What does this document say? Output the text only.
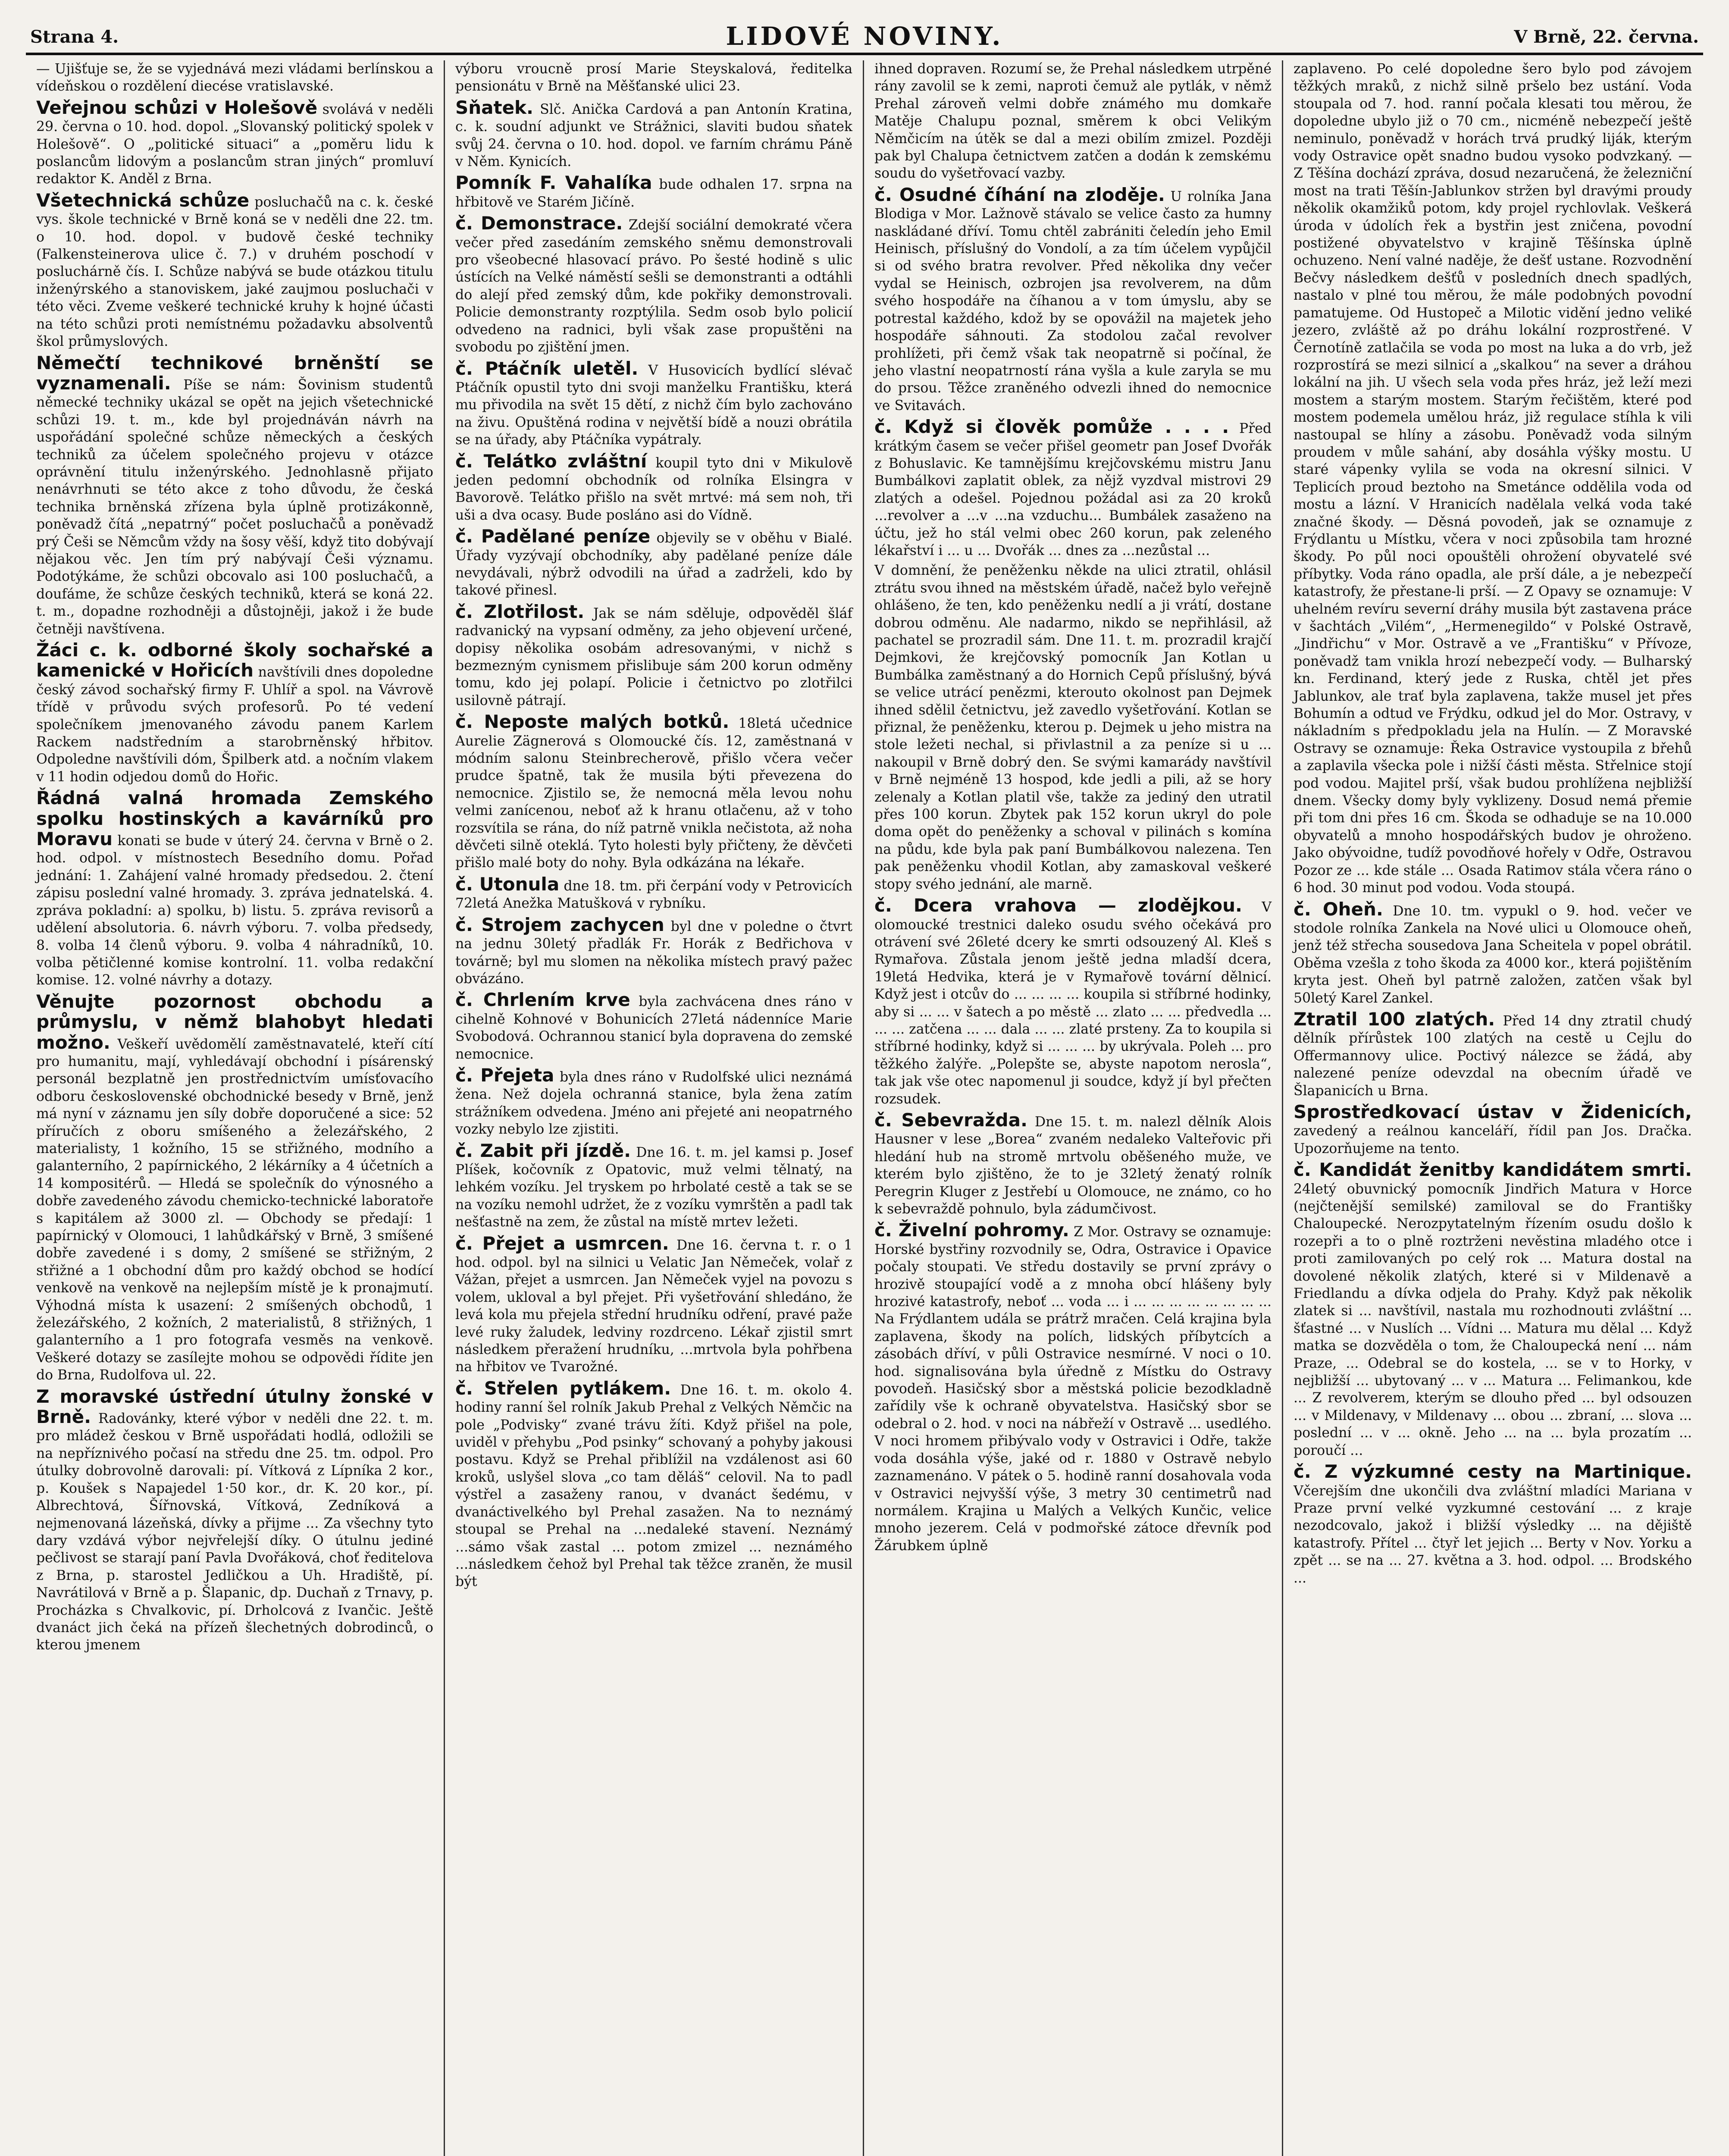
Strana 4.	LIDOVÉ NOVINY.	V Brně, 22. června.

— Ujišťuje se, že se vyjednává mezi vládami berlínskou a vídeňskou o rozdělení diecése vratislavské.

Veřejnou schůzi v Holešově svolává v neděli 29. června o 10. hod. dopol. „Slovanský politický spolek v Holešově“. O „politické situaci“ a „poměru lidu k poslancům lidovým a poslancům stran jiných“ promluví redaktor K. Anděl z Brna.

Všetechnická schůze posluchačů na c. k. české vys. škole technické v Brně koná se v neděli dne 22. tm. o 10. hod. dopol. v budově české techniky (Falkensteinerova ulice č. 7.) v druhém poschodí v posluchárně čís. I. Schůze nabývá se bude otázkou titulu inženýrského a stanoviskem, jaké zaujmou posluchači v této věci. Zveme veškeré technické kruhy k hojné účasti na této schůzi proti nemístnému požadavku absolventů škol průmyslových.

Němečtí technikové brněnští se vyznamenali. Píše se nám: Šovinism studentů německé techniky ukázal se opět na jejich všetechnické schůzi 19. t. m., kde byl projednáván návrh na uspořádání společné schůze německých a českých techniků za účelem společného projevu v otázce oprávnění titulu inženýrského. Jednohlasně přijato nenávrhnuti se této akce z toho důvodu, že česká technika brněnská zřízena byla úplně protizákonně, poněvadž čítá „nepatrný“ počet posluchačů a poněvadž prý Češi se Němcům vždy na šosy věší, když tito dobývají nějakou věc. Jen tím prý nabývají Češi významu. Podotýkáme, že schůzi obcovalo asi 100 posluchačů, a doufáme, že schůze českých techniků, která se koná 22. t. m., dopadne rozhodněji a důstojněji, jakož i že bude četněji navštívena.

Žáci c. k. odborné školy sochařské a kamenické v Hořicích navštívili dnes dopoledne český závod sochařský firmy F. Uhlíř a spol. na Vávrově třídě v průvodu svých profesorů. Po té vedení společníkem jmenovaného závodu panem Karlem Rackem nadstředním a starobrněnský hřbitov. Odpoledne navštívili dóm, Špilberk atd. a nočním vlakem v 11 hodin odjedou domů do Hořic.

Řádná valná hromada Zemského spolku hostinských a kavárníků pro Moravu konati se bude v úterý 24. června v Brně o 2. hod. odpol. v místnostech Besedního domu. Pořad jednání: 1. Zahájení valné hromady předsedou. 2. čtení zápisu poslední valné hromady. 3. zpráva jednatelská. 4. zpráva pokladní: a) spolku, b) listu. 5. zpráva revisorů a udělení absolutoria. 6. návrh výboru. 7. volba předsedy, 8. volba 14 členů výboru. 9. volba 4 náhradníků, 10. volba pětičlenné komise kontrolní. 11. volba redakční komise. 12. volné návrhy a dotazy.

Věnujte pozornost obchodu a průmyslu, v němž blahobyt hledati možno. Veškeří uvědomělí zaměstnavatelé, kteří cítí pro humanitu, mají, vyhledávají obchodní i písárenský personál bezplatně jen prostřednictvím umísťovacího odboru československé obchodnické besedy v Brně, jenž má nyní v záznamu jen síly dobře doporučené a sice: 52 příručích z oboru smíšeného a železářského, 2 materialisty, 1 kožního, 15 se střižného, modního a galanterního, 2 papírnického, 2 lékárníky a 4 účetních a 14 kompositérů. — Hledá se společník do výnosného a dobře zavedeného závodu chemicko-technické laboratoře s kapitálem až 3000 zl. — Obchody se předají: 1 papírnický v Olomouci, 1 lahůdkářský v Brně, 3 smíšené dobře zavedené i s domy, 2 smíšené se střižným, 2 střižné a 1 obchodní dům pro každý obchod se hodící venkově na venkově na nejlepším místě je k pronajmutí. Výhodná místa k usazení: 2 smíšených obchodů, 1 železářského, 2 kožních, 2 materialistů, 8 střižných, 1 galanterního a 1 pro fotografa vesměs na venkově. Veškeré dotazy se zasílejte mohou se odpovědi řídite jen do Brna, Rudolfova ul. 22.

Z moravské ústřední útulny žonské v Brně. Radovánky, které výbor v neděli dne 22. t. m. pro mládež českou v Brně uspořádati hodlá, odložili se na nepříznivého počasí na středu dne 25. tm. odpol. Pro útulky dobrovolně darovali: pí. Vítková z Lípníka 2 kor., p. Koušek s Napajedel 1·50 kor., dr. K. 20 kor., pí. Albrechtová, Šířnovská, Vítková, Zedníková a nejmenovaná lázeňská, dívky a přijme ... Za všechny tyto dary vzdává výbor nejvřelejší díky. O útulnu jediné pečlivost se starají paní Pavla Dvořáková, choť ředitelova z Brna, p. starostel Jedličkou a Uh. Hradiště, pí. Navrátilová v Brně a p. Šlapanic, dp. Duchaň z Trnavy, p. Procházka s Chvalkovic, pí. Drholcová z Ivančic. Ještě dvanáct jich čeká na přízeň šlechetných dobrodinců, o kterou jmenem

výboru vroucně prosí Marie Steyskalová, ředitelka pensionátu v Brně na Měšťanské ulici 23.

Sňatek. Slč. Anička Cardová a pan Antonín Kratina, c. k. soudní adjunkt ve Strážnici, slaviti budou sňatek svůj 24. června o 10. hod. dopol. ve farním chrámu Páně v Něm. Kynicích.

Pomník F. Vahalíka bude odhalen 17. srpna na hřbitově ve Starém Jičíně.

č. Demonstrace. Zdejší sociální demokraté včera večer před zasedáním zemského sněmu demonstrovali pro všeobecné hlasovací právo. Po šesté hodině s ulic ústících na Velké náměstí sešli se demonstranti a odtáhli do alejí před zemský dům, kde pokřiky demonstrovali. Policie demonstranty rozptýlila. Sedm osob bylo policií odvedeno na radnici, byli však zase propuštěni na svobodu po zjištění jmen.

č. Ptáčník uletěl. V Husovicích bydlící slévač Ptáčník opustil tyto dni svoji manželku Františku, která mu přivodila na svět 15 dětí, z nichž čím bylo zachováno na živu. Opuštěná rodina v největší bídě a nouzi obrátila se na úřady, aby Ptáčníka vypátraly.

č. Telátko zvláštní koupil tyto dni v Mikulově jeden pedomní obchodník od rolníka Elsingra v Bavorově. Telátko přišlo na svět mrtvé: má sem noh, tři uši a dva ocasy. Bude posláno asi do Vídně.

č. Padělané peníze objevily se v oběhu v Bialé. Úřady vyzývají obchodníky, aby padělané peníze dále nevydávali, nýbrž odvodili na úřad a zadrželi, kdo by takové přinesl.

č. Zlotřilost. Jak se nám sděluje, odpověděl šláf radvanický na vypsaní odměny, za jeho objevení určené, dopisy několika osobám adresovanými, v nichž s bezmezným cynismem přislibuje sám 200 korun odměny tomu, kdo jej polapí. Policie i četnictvo po zlotřilci usilovně pátrají.

č. Neposte malých botků. 18letá učednice Aurelie Zägnerová s Olomoucké čís. 12, zaměstnaná v módním salonu Steinbrecherově, přišlo včera večer prudce špatně, tak že musila býti převezena do nemocnice. Zjistilo se, že nemocná měla levou nohu velmi zanícenou, neboť až k hranu otlačenu, až v toho rozsvítila se rána, do níž patrně vnikla nečistota, až noha děvčeti silně oteklá. Tyto holesti byly přičteny, že děvčeti přišlo malé boty do nohy. Byla odkázána na lékaře.

č. Utonula dne 18. tm. při čerpání vody v Petrovicích 72letá Anežka Matušková v rybníku.

č. Strojem zachycen byl dne v poledne o čtvrt na jednu 30letý přadlák Fr. Horák z Bedřichova v továrně; byl mu slomen na několika místech pravý pažec obvázáno.

č. Chrlením krve byla zachvácena dnes ráno v cihelně Kohnové v Bohunicích 27letá nádenníce Marie Svobodová. Ochrannou stanicí byla dopravena do zemské nemocnice.

č. Přejeta byla dnes ráno v Rudolfské ulici neznámá žena. Než dojela ochranná stanice, byla žena zatím strážníkem odvedena. Jméno ani přejeté ani neopatrného vozky nebylo lze zjistiti.

č. Zabit při jízdě. Dne 16. t. m. jel kamsi p. Josef Plíšek, kočovník z Opatovic, muž velmi tělnatý, na lehkém vozíku. Jel tryskem po hrbolaté cestě a tak se se na vozíku nemohl udržet, že z vozíku vymrštěn a padl tak nešťastně na zem, že zůstal na místě mrtev ležeti.

č. Přejet a usmrcen. Dne 16. června t. r. o 1 hod. odpol. byl na silnici u Velatic Jan Němeček, volař z Vážan, přejet a usmrcen. Jan Němeček vyjel na povozu s volem, ukloval a byl přejet. Při vyšetřování shledáno, že levá kola mu přejela střední hrudníku odření, pravé paže levé ruky žaludek, ledviny rozdrceno. Lékař zjistil smrt následkem přeražení hrudníku, ...mrtvola byla pohřbena na hřbitov ve Tvarožné.

č. Střelen pytlákem. Dne 16. t. m. okolo 4. hodiny ranní šel rolník Jakub Prehal z Velkých Němčic na pole „Podvisky“ zvané trávu žíti. Když přišel na pole, uviděl v přehybu „Pod psinky“ schovaný a pohyby jakousi postavu. Když se Prehal přiblížil na vzdálenost asi 60 kroků, uslyšel slova „co tam děláš“ celovil. Na to padl výstřel a zasaženy ranou, v dvanáct šedému, v dvanáctivelkého byl Prehal zasažen. Na to neznámý stoupal se Prehal na ...nedaleké stavení. Neznámý ...sámo však zastal ... potom zmizel ... neznámého ...následkem čehož byl Prehal tak těžce zraněn, že musil být

ihned dopraven. Rozumí se, že Prehal následkem utrpěné rány zavolil se k zemi, naproti čemuž ale pytlák, v němž Prehal zároveň velmi dobře známého mu domkaře Matěje Chalupu poznal, směrem k obci Velikým Němčicím na útěk se dal a mezi obilím zmizel. Později pak byl Chalupa četnictvem zatčen a dodán k zemskému soudu do vyšetřovací vazby.

č. Osudné číhání na zloděje. U rolníka Jana Blodiga v Mor. Lažnově stávalo se velice často za humny naskládané dříví. Tomu chtěl zabrániti čeledín jeho Emil Heinisch, příslušný do Vondolí, a za tím účelem vypůjčil si od svého bratra revolver. Před několika dny večer vydal se Heinisch, ozbrojen jsa revolverem, na dům svého hospodáře na číhanou a v tom úmyslu, aby se potrestal každého, kdož by se opovážil na majetek jeho hospodáře sáhnouti. Za stodolou začal revolver prohlížeti, při čemž však tak neopatrně si počínal, že jeho vlastní neopatrností rána vyšla a kule zaryla se mu do prsou. Těžce zraněného odvezli ihned do nemocnice ve Svitavách.

č. Když si člověk pomůže . . . . Před krátkým časem se večer přišel geometr pan Josef Dvořák z Bohuslavic. Ke tamnějšímu krejčovskému mistru Janu Bumbálkovi zaplatit oblek, za nějž vyzdval mistrovi 29 zlatých a odešel. Pojednou požádal asi za 20 kroků ...revolver a ...v ...na vzduchu... Bumbálek zasaženo na účtu, jež ho stál velmi obec 260 korun, pak zeleného lékařství i ... u ... Dvořák ... dnes za ...nezůstal ...

V domnění, že peněženku někde na ulici ztratil, ohlásil ztrátu svou ihned na městském úřadě, načež bylo veřejně ohlášeno, že ten, kdo peněženku nedlí a ji vrátí, dostane dobrou odměnu. Ale nadarmo, nikdo se nepřihlásil, až pachatel se prozradil sám. Dne 11. t. m. prozradil krajčí Dejmkovi, že krejčovský pomocník Jan Kotlan u Bumbálka zaměstnaný a do Hornich Cepů příslušný, bývá se velice utrácí penězmi, kterouto okolnost pan Dejmek ihned sdělil četnictvu, jež zavedlo vyšetřování. Kotlan se přiznal, že peněženku, kterou p. Dejmek u jeho mistra na stole ležeti nechal, si přivlastnil a za peníze si u ... nakoupil v Brně dobrý den. Se svými kamarády navštívil v Brně nejméně 13 hospod, kde jedli a pili, až se hory zelenaly a Kotlan platil vše, takže za jediný den utratil přes 100 korun. Zbytek pak 152 korun ukryl do pole doma opět do peněženky a schoval v pilinách s komína na půdu, kde byla pak paní Bumbálkovou nalezena. Ten pak peněženku vhodil Kotlan, aby zamaskoval veškeré stopy svého jednání, ale marně.

č. Dcera vrahova — zlodějkou. V olomoucké trestnici daleko osudu svého očekává pro otrávení své 26leté dcery ke smrti odsouzený Al. Kleš s Rymařova. Zůstala jenom ještě jedna mladší dcera, 19letá Hedvika, která je v Rymařově tovární dělnicí. Když jest i otcův do ... ... ... ... koupila si stříbrné hodinky, aby si ... ... v šatech a po městě ... zlato ... ... předvedla ... ... ... zatčena ... ... dala ... ... zlaté prsteny. Za to koupila si stříbrné hodinky, když si ... ... ... by ukrývala. Poleh ... pro těžkého žalýře. „Polepšte se, abyste napotom nerosla“, tak jak vše otec napomenul ji soudce, když jí byl přečten rozsudek.

č. Sebevražda. Dne 15. t. m. nalezl dělník Alois Hausner v lese „Borea“ zvaném nedaleko Valteřovic při hledání hub na stromě mrtvolu oběšeného muže, ve kterém bylo zjištěno, že to je 32letý ženatý rolník Peregrin Kluger z Jestřebí u Olomouce, ne známo, co ho k sebevraždě pohnulo, byla zádumčivost.

č. Živelní pohromy. Z Mor. Ostravy se oznamuje: Horské bystřiny rozvodnily se, Odra, Ostravice i Opavice počaly stoupati. Ve středu dostavily se první zprávy o hrozivě stoupající vodě a z mnoha obcí hlášeny byly hrozivé katastrofy, neboť ... voda ... i ... ... ... ... ... ... ... ... Na Frýdlantem udála se prátrž mračen. Celá krajina byla zaplavena, škody na polích, lidských příbytcích a zásobách dříví, v půli Ostravice nesmírné. V noci o 10. hod. signalisována byla úředně z Místku do Ostravy povodeň. Hasičský sbor a městská policie bezodkladně zařídily vše k ochraně obyvatelstva. Hasičský sbor se odebral o 2. hod. v noci na nábřeží v Ostravě ... usedlého. V noci hromem přibývalo vody v Ostravici i Odře, takže voda dosáhla výše, jaké od r. 1880 v Ostravě nebylo zaznamenáno. V pátek o 5. hodině ranní dosahovala voda v Ostravici nejvyšší výše, 3 metry 30 centimetrů nad normálem. Krajina u Malých a Velkých Kunčic, velice mnoho jezerem. Celá v podmořské zátoce dřevník pod Žárubkem úplně

zaplaveno. Po celé dopoledne šero bylo pod závojem těžkých mraků, z nichž silně pršelo bez ustání. Voda stoupala od 7. hod. ranní počala klesati tou měrou, že dopoledne ubylo již o 70 cm., nicméně nebezpečí ještě neminulo, poněvadž v horách trvá prudký liják, kterým vody Ostravice opět snadno budou vysoko podvzkaný. — Z Těšína dochází zpráva, dosud nezaručená, že železniční most na trati Těšín-Jablunkov stržen byl dravými proudy několik okamžiků potom, kdy projel rychlovlak. Veškerá úroda v údolích řek a bystřin jest zničena, povodní postižené obyvatelstvo v krajině Těšínska úplně ochuzeno. Není valné naděje, že dešť ustane. Rozvodnění Bečvy následkem dešťů v posledních dnech spadlých, nastalo v plné tou měrou, že mále podobných povodní pamatujeme. Od Hustopeč a Milotic vidění jedno veliké jezero, zvláště až po dráhu lokální rozprostřené. V Černotíně zatlačila se voda po most na luka a do vrb, jež rozprostírá se mezi silnicí a „skalkou“ na sever a dráhou lokální na jih. U všech sela voda přes hráz, jež leží mezi mostem a starým mostem. Starým řečištěm, které pod mostem podemela umělou hráz, již regulace stíhla k vili nastoupal se hlíny a zásobu. Poněvadž voda silným proudem v můle sahání, aby dosáhla výšky mostu. U staré vápenky vylila se voda na okresní silnici. V Teplicích proud beztoho na Smetánce oddělila voda od mostu a lázní. V Hranicích nadělala velká voda také značné škody. — Děsná povodeň, jak se oznamuje z Frýdlantu u Místku, včera v noci způsobila tam hrozné škody. Po půl noci opouštěli ohrožení obyvatelé své příbytky. Voda ráno opadla, ale prší dále, a je nebezpečí katastrofy, že přestane-li prší. — Z Opavy se oznamuje: V uhelném revíru severní dráhy musila být zastavena práce v šachtách „Vilém“, „Hermenegildo“ v Polské Ostravě, „Jindřichu“ v Mor. Ostravě a ve „Františku“ v Přívoze, poněvadž tam vnikla hrozí nebezpečí vody. — Bulharský kn. Ferdinand, který jede z Ruska, chtěl jet přes Jablunkov, ale trať byla zaplavena, takže musel jet přes Bohumín a odtud ve Frýdku, odkud jel do Mor. Ostravy, v nákladním s předpokladu jela na Hulín. — Z Moravské Ostravy se oznamuje: Řeka Ostravice vystoupila z břehů a zaplavila všecka pole i nižší části města. Střelnice stojí pod vodou. Majitel prší, však budou prohlížena nejbližší dnem. Všecky domy byly vyklizeny. Dosud nemá přemie při tom dni přes 16 cm. Škoda se odhaduje se na 10.000 obyvatelů a mnoho hospodářských budov je ohroženo. Jako obývoidne, tudíž povodňové hořely v Odře, Ostravou Pozor ze ... kde stále ... Osada Ratimov stála včera ráno o 6 hod. 30 minut pod vodou. Voda stoupá.

č. Oheň. Dne 10. tm. vypukl o 9. hod. večer ve stodole rolníka Zankela na Nové ulici u Olomouce oheň, jenž též střecha sousedova Jana Scheitela v popel obrátil. Oběma vzešla z toho škoda za 4000 kor., která pojištěním kryta jest. Oheň byl patrně založen, zatčen však byl 50letý Karel Zankel.

Ztratil 100 zlatých. Před 14 dny ztratil chudý dělník přírůstek 100 zlatých na cestě u Cejlu do Offermannovy ulice. Poctivý nálezce se žádá, aby nalezené peníze odevzdal na obecním úřadě ve Šlapanicích u Brna.

Sprostředkovací ústav v Židenicích,

zavedený a reálnou kanceláří, řídil pan Jos. Dračka. Upozorňujeme na tento.

č. Kandidát ženitby kandidátem smrti.

24letý obuvnický pomocník Jindřich Matura v Horce (nejčtenější semilské) zamiloval se do Františky Chaloupecké. Nerozpytatelným řízením osudu došlo k rozepři a to o plně roztrženi nevěstina mladého otce i proti zamilovaných po celý rok ... Matura dostal na dovolené několik zlatých, které si v Mildenavě a Friedlandu a dívka odjela do Prahy. Když pak několik zlatek si ... navštívil, nastala mu rozhodnouti zvláštní ... šťastné ... v Nuslích ... Vídni ... Matura mu dělal ... Když matka se dozvěděla o tom, že Chaloupecká není ... nám Praze, ... Odebral se do kostela, ... se v to Horky, v nejbližší ... ubytovaný ... v ... Matura ... Felimankou, kde ... Z revolverem, kterým se dlouho před ... byl odsouzen ... v Mildenavy, v Mildenavy ... obou ... zbraní, ... slova ... poslední ... v ... okně. Jeho ... na ... byla prozatím ... poroučí ...

č. Z výzkumné cesty na Martinique.

Včerejším dne ukončili dva zvláštní mladíci Mariana v Praze první velké vyzkumné cestování ... z kraje nezodcovalo, jakož i bližší výsledky ... na dějiště katastrofy. Přítel ... čtyř let jejich ... Berty v Nov. Yorku a zpět ... se na ... 27. května a 3. hod. odpol. ... Brodského ...
